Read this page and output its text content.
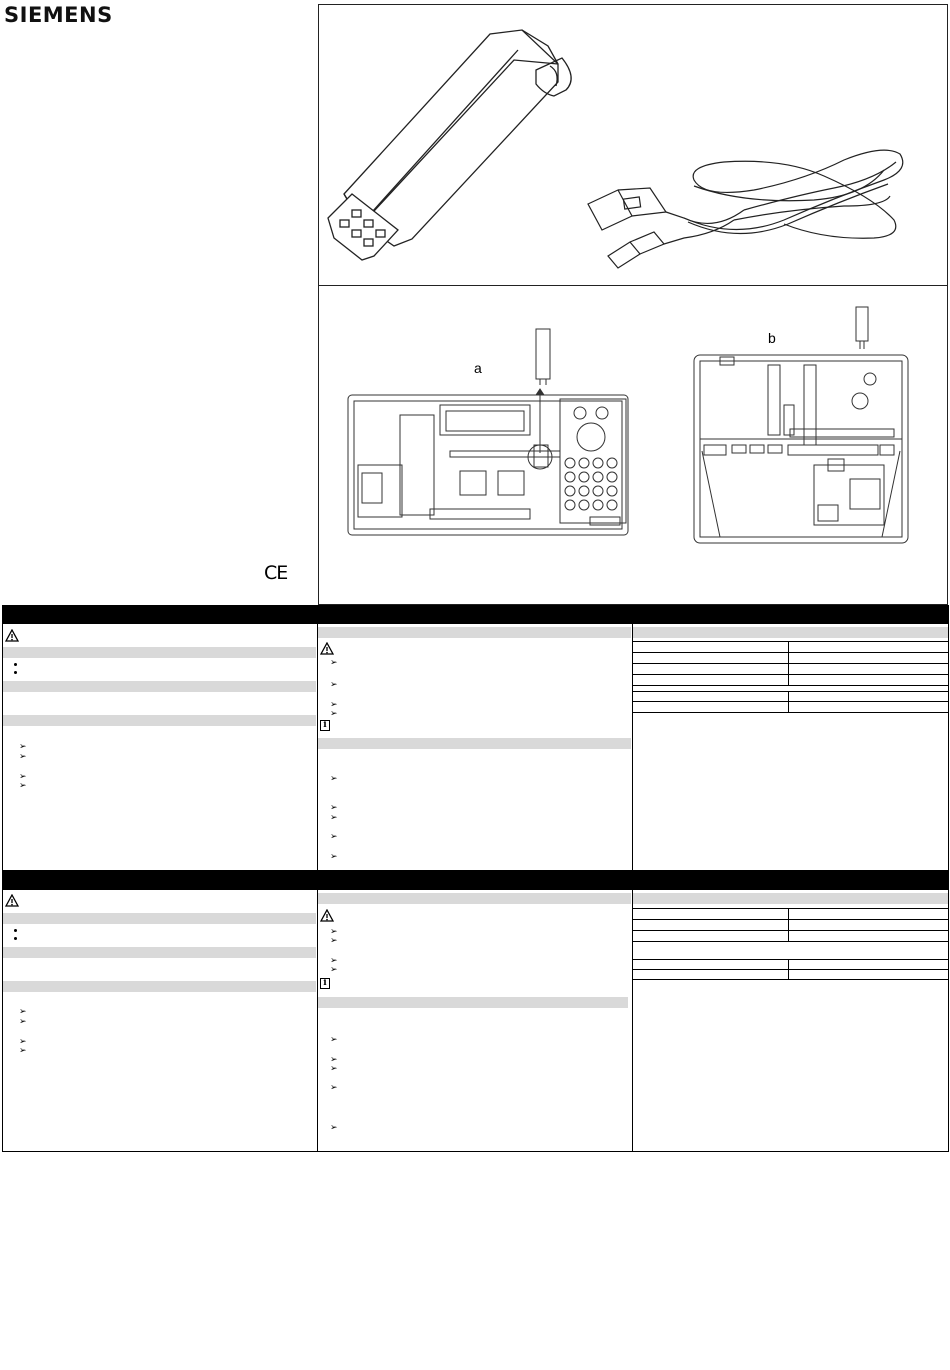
SIEMENS
CE
a
b
➢
➢
➢
➢
➢
➢
➢
➢
i
➢
➢
➢
➢
➢
➢
➢
➢
➢
➢
➢
➢
➢
i
➢
➢
➢
➢
➢
